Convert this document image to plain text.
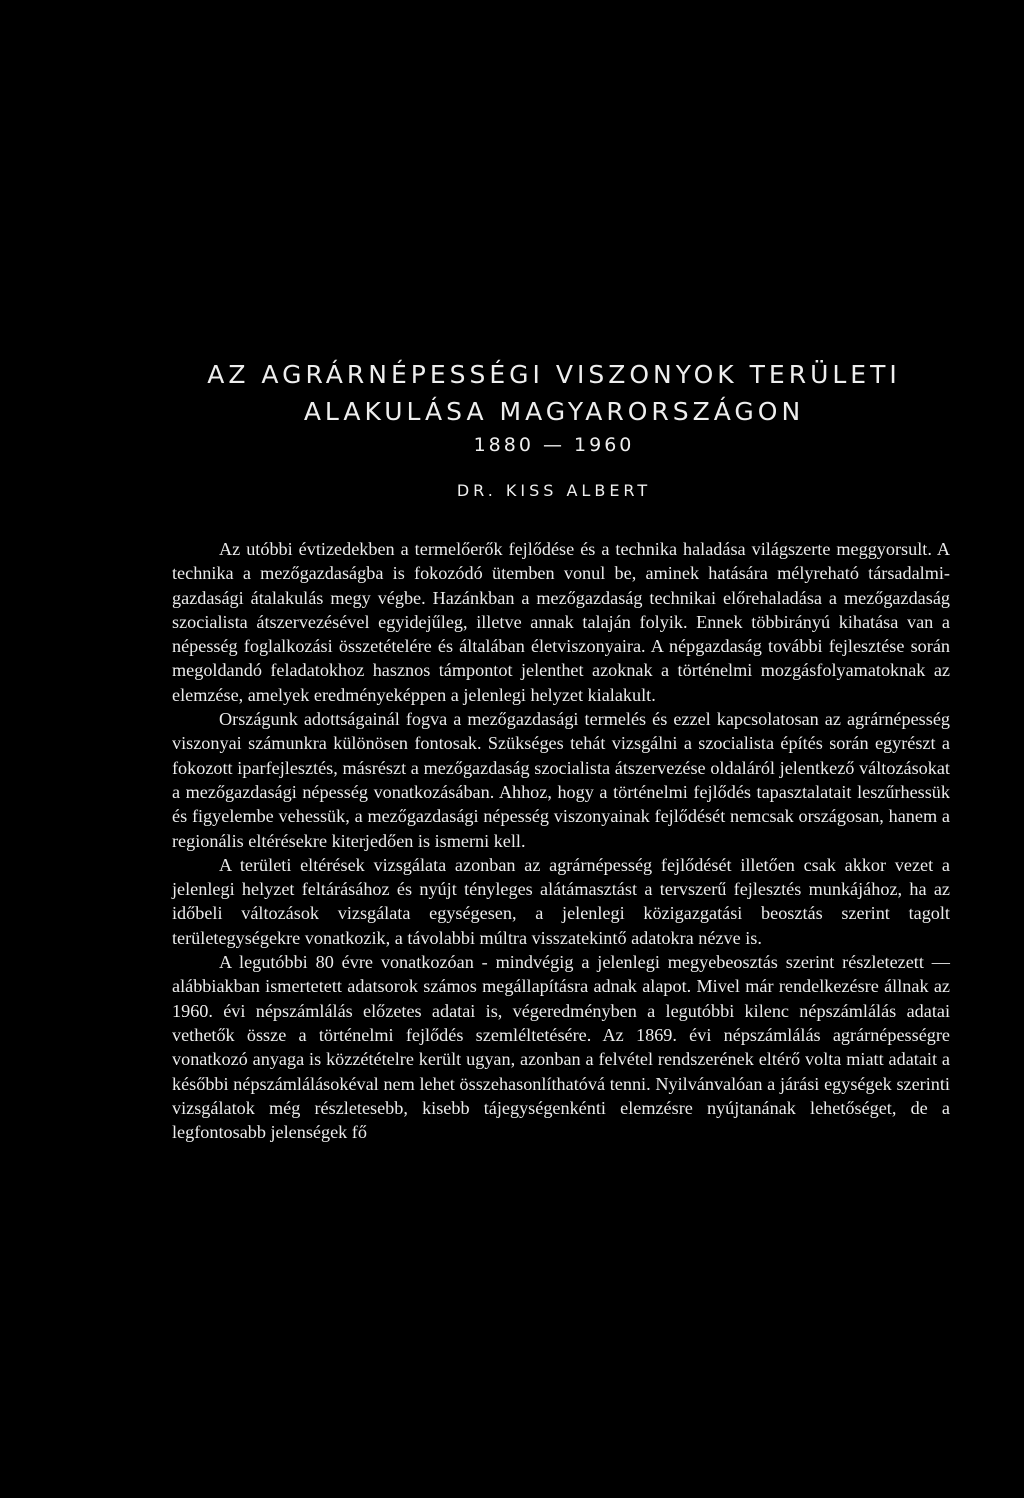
AZ AGRÁRNÉPESSÉGI VISZONYOK TERÜLETI
ALAKULÁSA MAGYARORSZÁGON
1880 — 1960
DR. KISS ALBERT

Az utóbbi évtizedekben a termelőerők fejlődése és a technika haladása világszerte meggyorsult. A technika a mezőgazdaságba is fokozódó ütemben vonul be, aminek hatására mélyreható társadalmi-gazdasági átalakulás megy végbe. Hazánkban a mezőgazdaság technikai előrehaladása a mezőgazdaság szocialista átszervezésével egyidejűleg, illetve annak talaján folyik. Ennek többirányú kihatása van a népesség foglalkozási összetételére és általában életviszonyaira. A népgazdaság további fejlesztése során megoldandó feladatokhoz hasznos támpontot jelenthet azoknak a történelmi mozgásfolyamatoknak az elemzése, amelyek eredményeképpen a jelenlegi helyzet kialakult.

Országunk adottságainál fogva a mezőgazdasági termelés és ezzel kapcsolatosan az agrárnépesség viszonyai számunkra különösen fontosak. Szükséges tehát vizsgálni a szocialista építés során egyrészt a fokozott iparfejlesztés, másrészt a mezőgazdaság szocialista átszervezése oldaláról jelentkező változásokat a mezőgazdasági népesség vonatkozásában. Ahhoz, hogy a történelmi fejlődés tapasztalatait leszűrhessük és figyelembe vehessük, a mezőgazdasági népesség viszonyainak fejlődését nemcsak országosan, hanem a regionális eltérésekre kiterjedően is ismerni kell.

A területi eltérések vizsgálata azonban az agrárnépesség fejlődését illetően csak akkor vezet a jelenlegi helyzet feltárásához és nyújt tényleges alátámasztást a tervszerű fejlesztés munkájához, ha az időbeli változások vizsgálata egységesen, a jelenlegi közigazgatási beosztás szerint tagolt területegységekre vonatkozik, a távolabbi múltra visszatekintő adatokra nézve is.

A legutóbbi 80 évre vonatkozóan - mindvégig a jelenlegi megyebeosztás szerint részletezett — alábbiakban ismertetett adatsorok számos megállapításra adnak alapot. Mivel már rendelkezésre állnak az 1960. évi népszámlálás előzetes adatai is, végeredményben a legutóbbi kilenc népszámlálás adatai vethetők össze a történelmi fejlődés szemléltetésére. Az 1869. évi népszámlálás agrárnépességre vonatkozó anyaga is közzétételre került ugyan, azonban a felvétel rendszerének eltérő volta miatt adatait a későbbi népszámlálásokéval nem lehet összehasonlíthatóvá tenni. Nyilvánvalóan a járási egységek szerinti vizsgálatok még részletesebb, kisebb tájegységenkénti elemzésre nyújtanának lehetőséget, de a legfontosabb jelenségek fő
